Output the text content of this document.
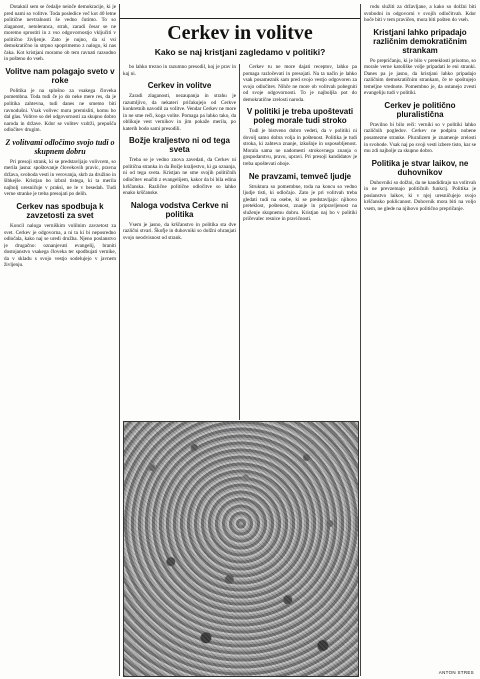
Cerkev in volitve
Kako se naj kristjani zagledamo v politiki?

Dotaknil sem se čedalje neinče demokracije, ki je pred nami so volitve. Toda posledice več kot 40 letne politične nevtralnosti še vedno čutimo. To so zlaganost, netoleranca, strah, zaradi česar se ne moremo sprostiti in z vso odgovornostjo vključiti v politično življenje. Zato je nujno, da si vsi demokratično in strpno spoprimemo z nalogo, ki nas čaka. Kot kristjani moramo ob tem ravnati razsodno in pošteno do vseh.

Volitve nam polagajo sveto v roke

Politika je na splošno za vsakega človeka pomembna. Toda tudi če jo do neke mere res, da je politika zahtevna, tudi danes ne smemo biti ravnodušni. Vsak volivec mora premisliti, komu bo dal glas. Volitve so del odgovornosti za skupno dobro naroda in države. Kdor se volitev vzdrži, prepušča odločitev drugim.

Z volitvami odločimo svojo tudi o skupnem dobru

Pri presoji strank, ki se predstavljajo volivcem, so merila jasna: spoštovanje človekovih pravic, pravna država, svoboda vesti in verovanja, skrb za družino in šibkejše. Kristjan bo izbral tistega, ki ta merila najbolj uresničuje v praksi, ne le v besedah. Tudi verne stranke je treba presojati po delih.

Cerkev nas spodbuja k zavzetosti za svet

Koncil naloga verniškim volilnim zavzetost za svet. Cerkev je odgovorna, a ni ta ki bi neposredno odločala, kako naj se uredi družba. Njeno poslanstvo je drugačno: oznanjevati evangelij, braniti dostojanstvo vsakega človeka ter spodbujati vernike, da v skladu s svojo vestjo sodelujejo v javnem življenju.

bo lahko trezno in razumno presodil, koj je prav in kaj ni.

Cerkev in volitve

Zaradi zlaganosti, nezaupanja in strahu je razumljivo, da nekateri pričakujejo od Cerkve konkretnih navodil za volitve. Vendar Cerkev ne more in ne sme reči, koga volite. Pomaga pa lahko tako, da oblikuje vest vernikov in jim pokaže merila, po katerih bodo sami presodili.

Božje kraljestvo ni od tega sveta

Treba se je vedno znova zavedati, da Cerkev ni politična stranka in da Božje kraljestvo, ki ga oznanja, ni od tega sveta. Kristjan ne sme svojih političnih odločitev enačiti z evangelijem, kakor da bi bila edina krščanska. Različne politične odločitve so lahko enako krščanske.

Naloga vodstva Cerkve ni politika

Vsem je jasno, da krščanstvo in politika sta dve različni stvari. Škofje in duhovniki so dolžni ohranjati svojo neodvisnost od strank.

Cerkev tu ne more dajati receptov, lahko pa pomaga razločevati in presojati. Na ta način je lahko vsak posameznik sam pred svojo vestjo odgovoren za svojo odločitev. Nihče ne more ob volitvah pobegniti od svoje odgovornosti. To je najboljša pot do demokratične zrelosti naroda.

V politiki je treba upoštevati poleg morale tudi stroko

Tudi je bistveno dobro vedeti, da v politiki ni dovolj samo dobra volja in poštenost. Politika je tudi stroka, ki zahteva znanje, izkušnje in usposobljenost. Morala sama ne nadomesti strokovnega znanja o gospodarstvu, pravu, upravi. Pri presoji kandidatov je treba upoštevati oboje.

Ne pravzami, temveč ljudje

Struktura so pomembne, toda na koncu so vedno ljudje tisti, ki odločajo. Zato je pri volitvah treba gledati tudi na osebe, ki se predstavljajo: njihovo preteklost, poštenost, znanje in pripravljenost na služenje skupnemu dobru. Kristjan naj bo v politiki pričevalec resnice in pravičnosti.

rodu služiti za državljane, a kako so dolžni biti svobodni in odgovorni v svojih odločitvah. Kdor hoče biti v tem pravičen, mora biti pošten do vseh.

Kristjani lahko pripadajo različnim demokratičnim strankam

Po prepričanju, ki je bilo v preteklosti prisotno, so morale verne katoliške volje pripadati le eni stranki. Danes pa je jasno, da kristjani lahko pripadajo različnim demokratičnim strankam, če te spoštujejo temeljne vrednote. Pomembno je, da ostanejo zvesti evangeliju tudi v politiki.

Cerkev je politično pluralistična

Pravilno bi bilo reči: verniki so v politiki lahko različnih pogledov. Cerkev ne podpira nobene posamezne stranke. Pluralizem je znamenje zrelosti in svobode. Vsak naj po svoji vesti izbere tisto, kar se mu zdi najbolje za skupno dobro.

Politika je stvar laikov, ne duhovnikov

Duhovniki so dolžni, da ne kandidirajo na volitvah in ne prevzemajo političnih funkcij. Politika je poslanstvo laikov, ki v njej uresničujejo svojo krščansko poklicanost. Duhovnik mora biti na voljo vsem, ne glede na njihovo politično prepričanje.

ANTON STRES
